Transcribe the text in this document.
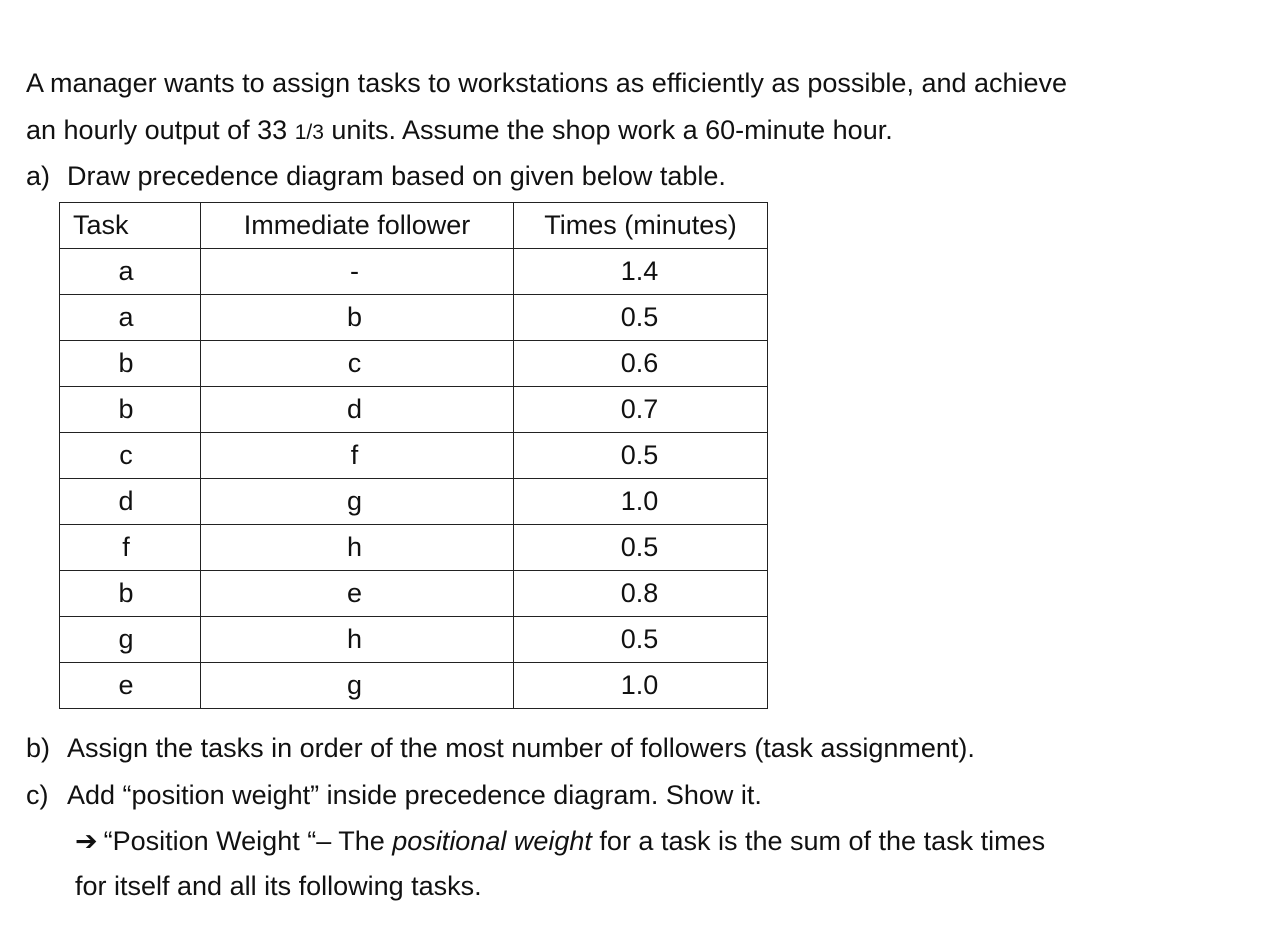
A manager wants to assign tasks to workstations as efficiently as possible, and achieve
an hourly output of 33 1/3 units. Assume the shop work a 60-minute hour.
a) Draw precedence diagram based on given below table.
Task	Immediate follower	Times (minutes)

a	-	1.4

a	b	0.5

b	c	0.6

b	d	0.7

c	f	0.5

d	g	1.0

f	h	0.5

b	e	0.8

g	h	0.5

e	g	1.0
b) Assign the tasks in order of the most number of followers (task assignment).
c) Add “position weight” inside precedence diagram. Show it.
➔ “Position Weight “– The positional weight for a task is the sum of the task times
for itself and all its following tasks.
